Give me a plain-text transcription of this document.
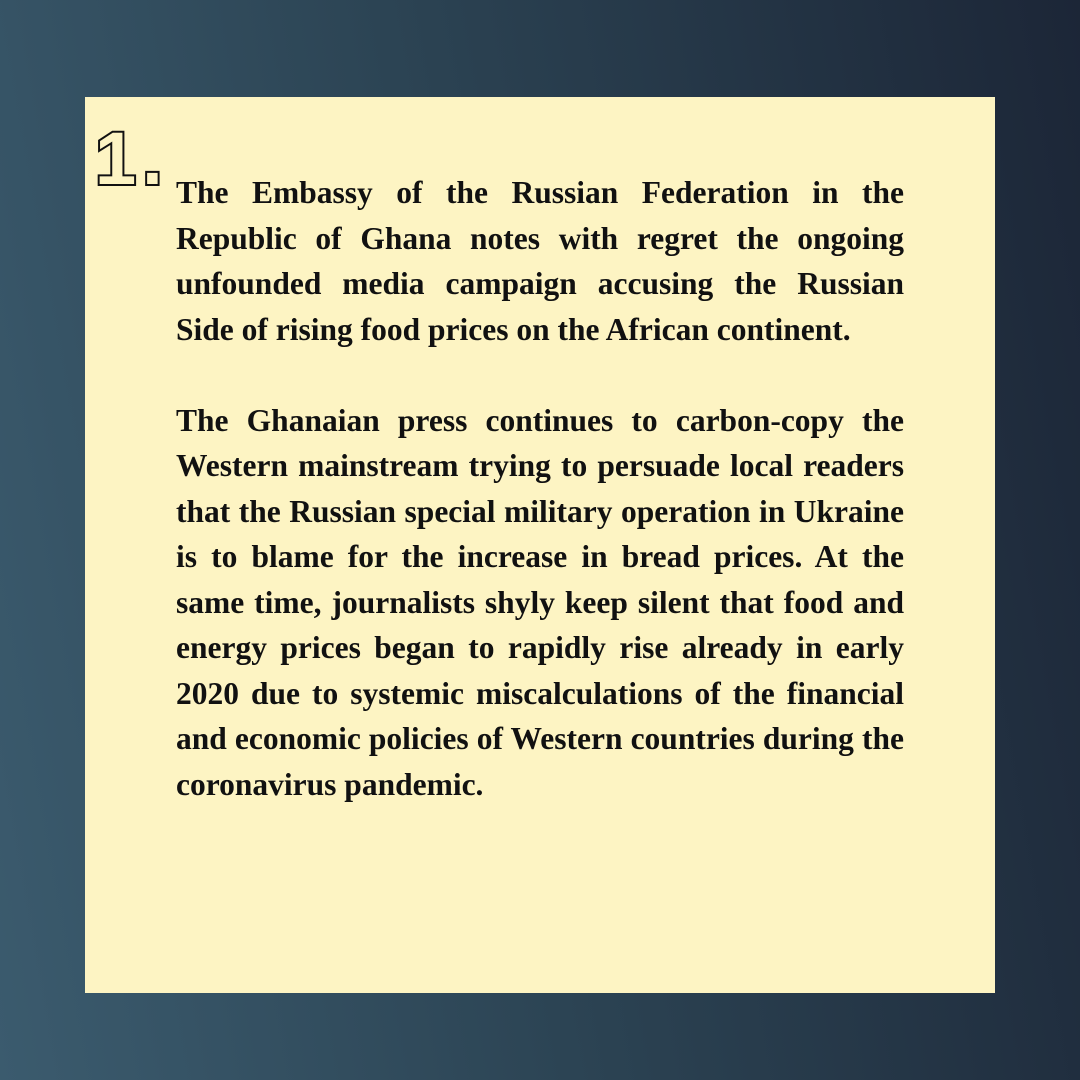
1. The Embassy of the Russian Federation in the Republic of Ghana notes with regret the ongoing unfounded media campaign accusing the Russian Side of rising food prices on the African continent.

The Ghanaian press continues to carbon-copy the Western mainstream trying to persuade local readers that the Russian special military operation in Ukraine is to blame for the increase in bread prices. At the same time, journalists shyly keep silent that food and energy prices began to rapidly rise already in early 2020 due to systemic miscalculations of the financial and economic policies of Western countries during the coronavirus pandemic.
